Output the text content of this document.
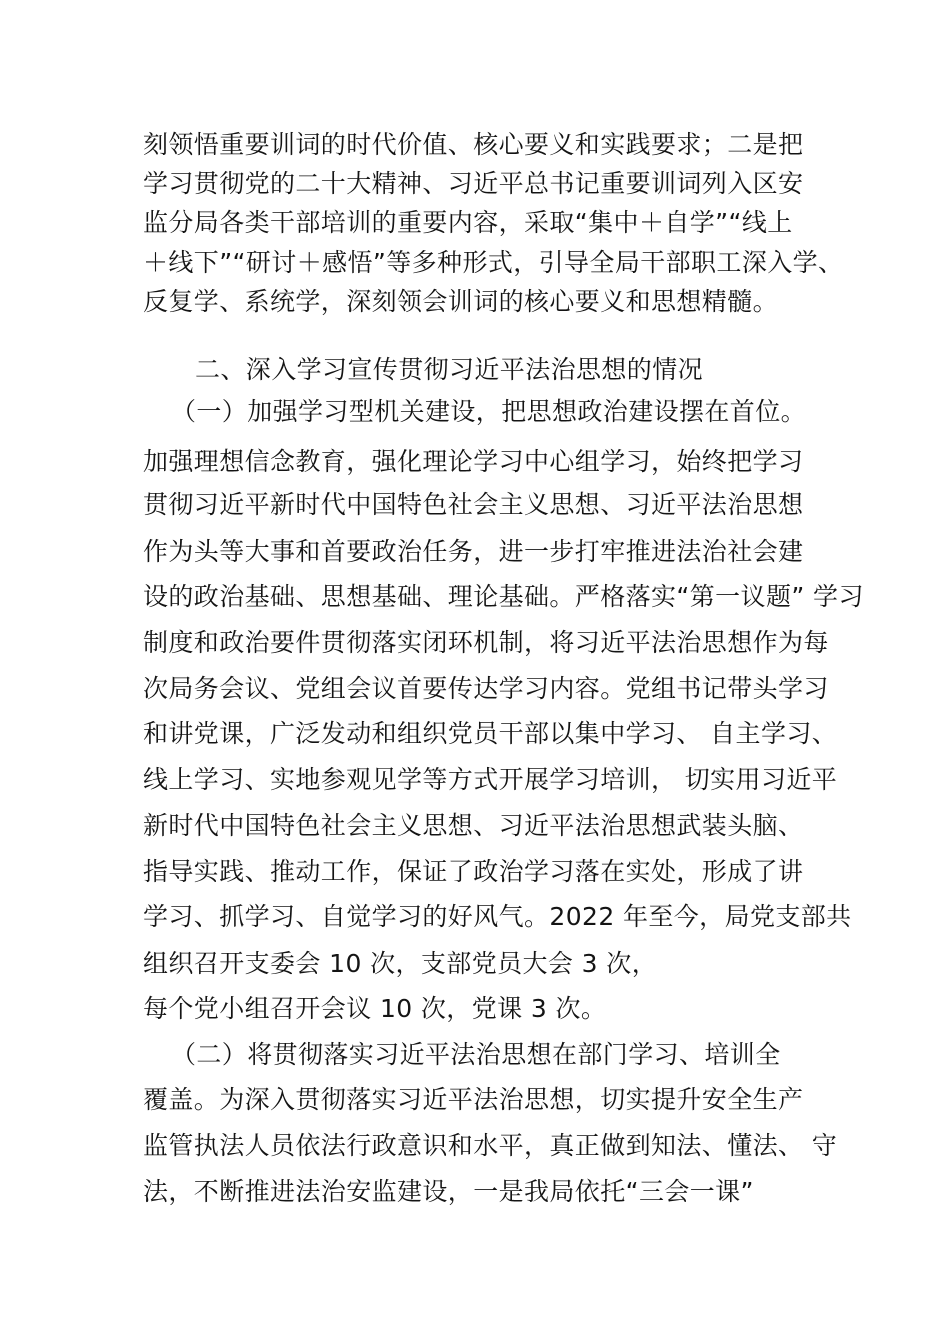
刻领悟重要训词的时代价值、核心要义和实践要求；二是把
学习贯彻党的二十大精神、习近平总书记重要训词列入区安
监分局各类干部培训的重要内容，采取“集中＋自学”“线上
＋线下”“研讨＋感悟”等多种形式，引导全局干部职工深入学、
反复学、系统学，深刻领会训词的核心要义和思想精髓。
二、深入学习宣传贯彻习近平法治思想的情况
（一）加强学习型机关建设，把思想政治建设摆在首位。
加强理想信念教育，强化理论学习中心组学习，始终把学习
贯彻习近平新时代中国特色社会主义思想、习近平法治思想
作为头等大事和首要政治任务，进一步打牢推进法治社会建
设的政治基础、思想基础、理论基础。严格落实“第一议题” 学习
制度和政治要件贯彻落实闭环机制，将习近平法治思想作为每
次局务会议、党组会议首要传达学习内容。党组书记带头学习
和讲党课，广泛发动和组织党员干部以集中学习、 自主学习、
线上学习、实地参观见学等方式开展学习培训， 切实用习近平
新时代中国特色社会主义思想、习近平法治思想武装头脑、
指导实践、推动工作，保证了政治学习落在实处，形成了讲
学习、抓学习、自觉学习的好风气。2022 年至今，局党支部共
组织召开支委会 10 次，支部党员大会 3 次，
每个党小组召开会议 10 次，党课 3 次。
（二）将贯彻落实习近平法治思想在部门学习、培训全
覆盖。为深入贯彻落实习近平法治思想，切实提升安全生产
监管执法人员依法行政意识和水平，真正做到知法、懂法、 守
法，不断推进法治安监建设，一是我局依托“三会一课”
